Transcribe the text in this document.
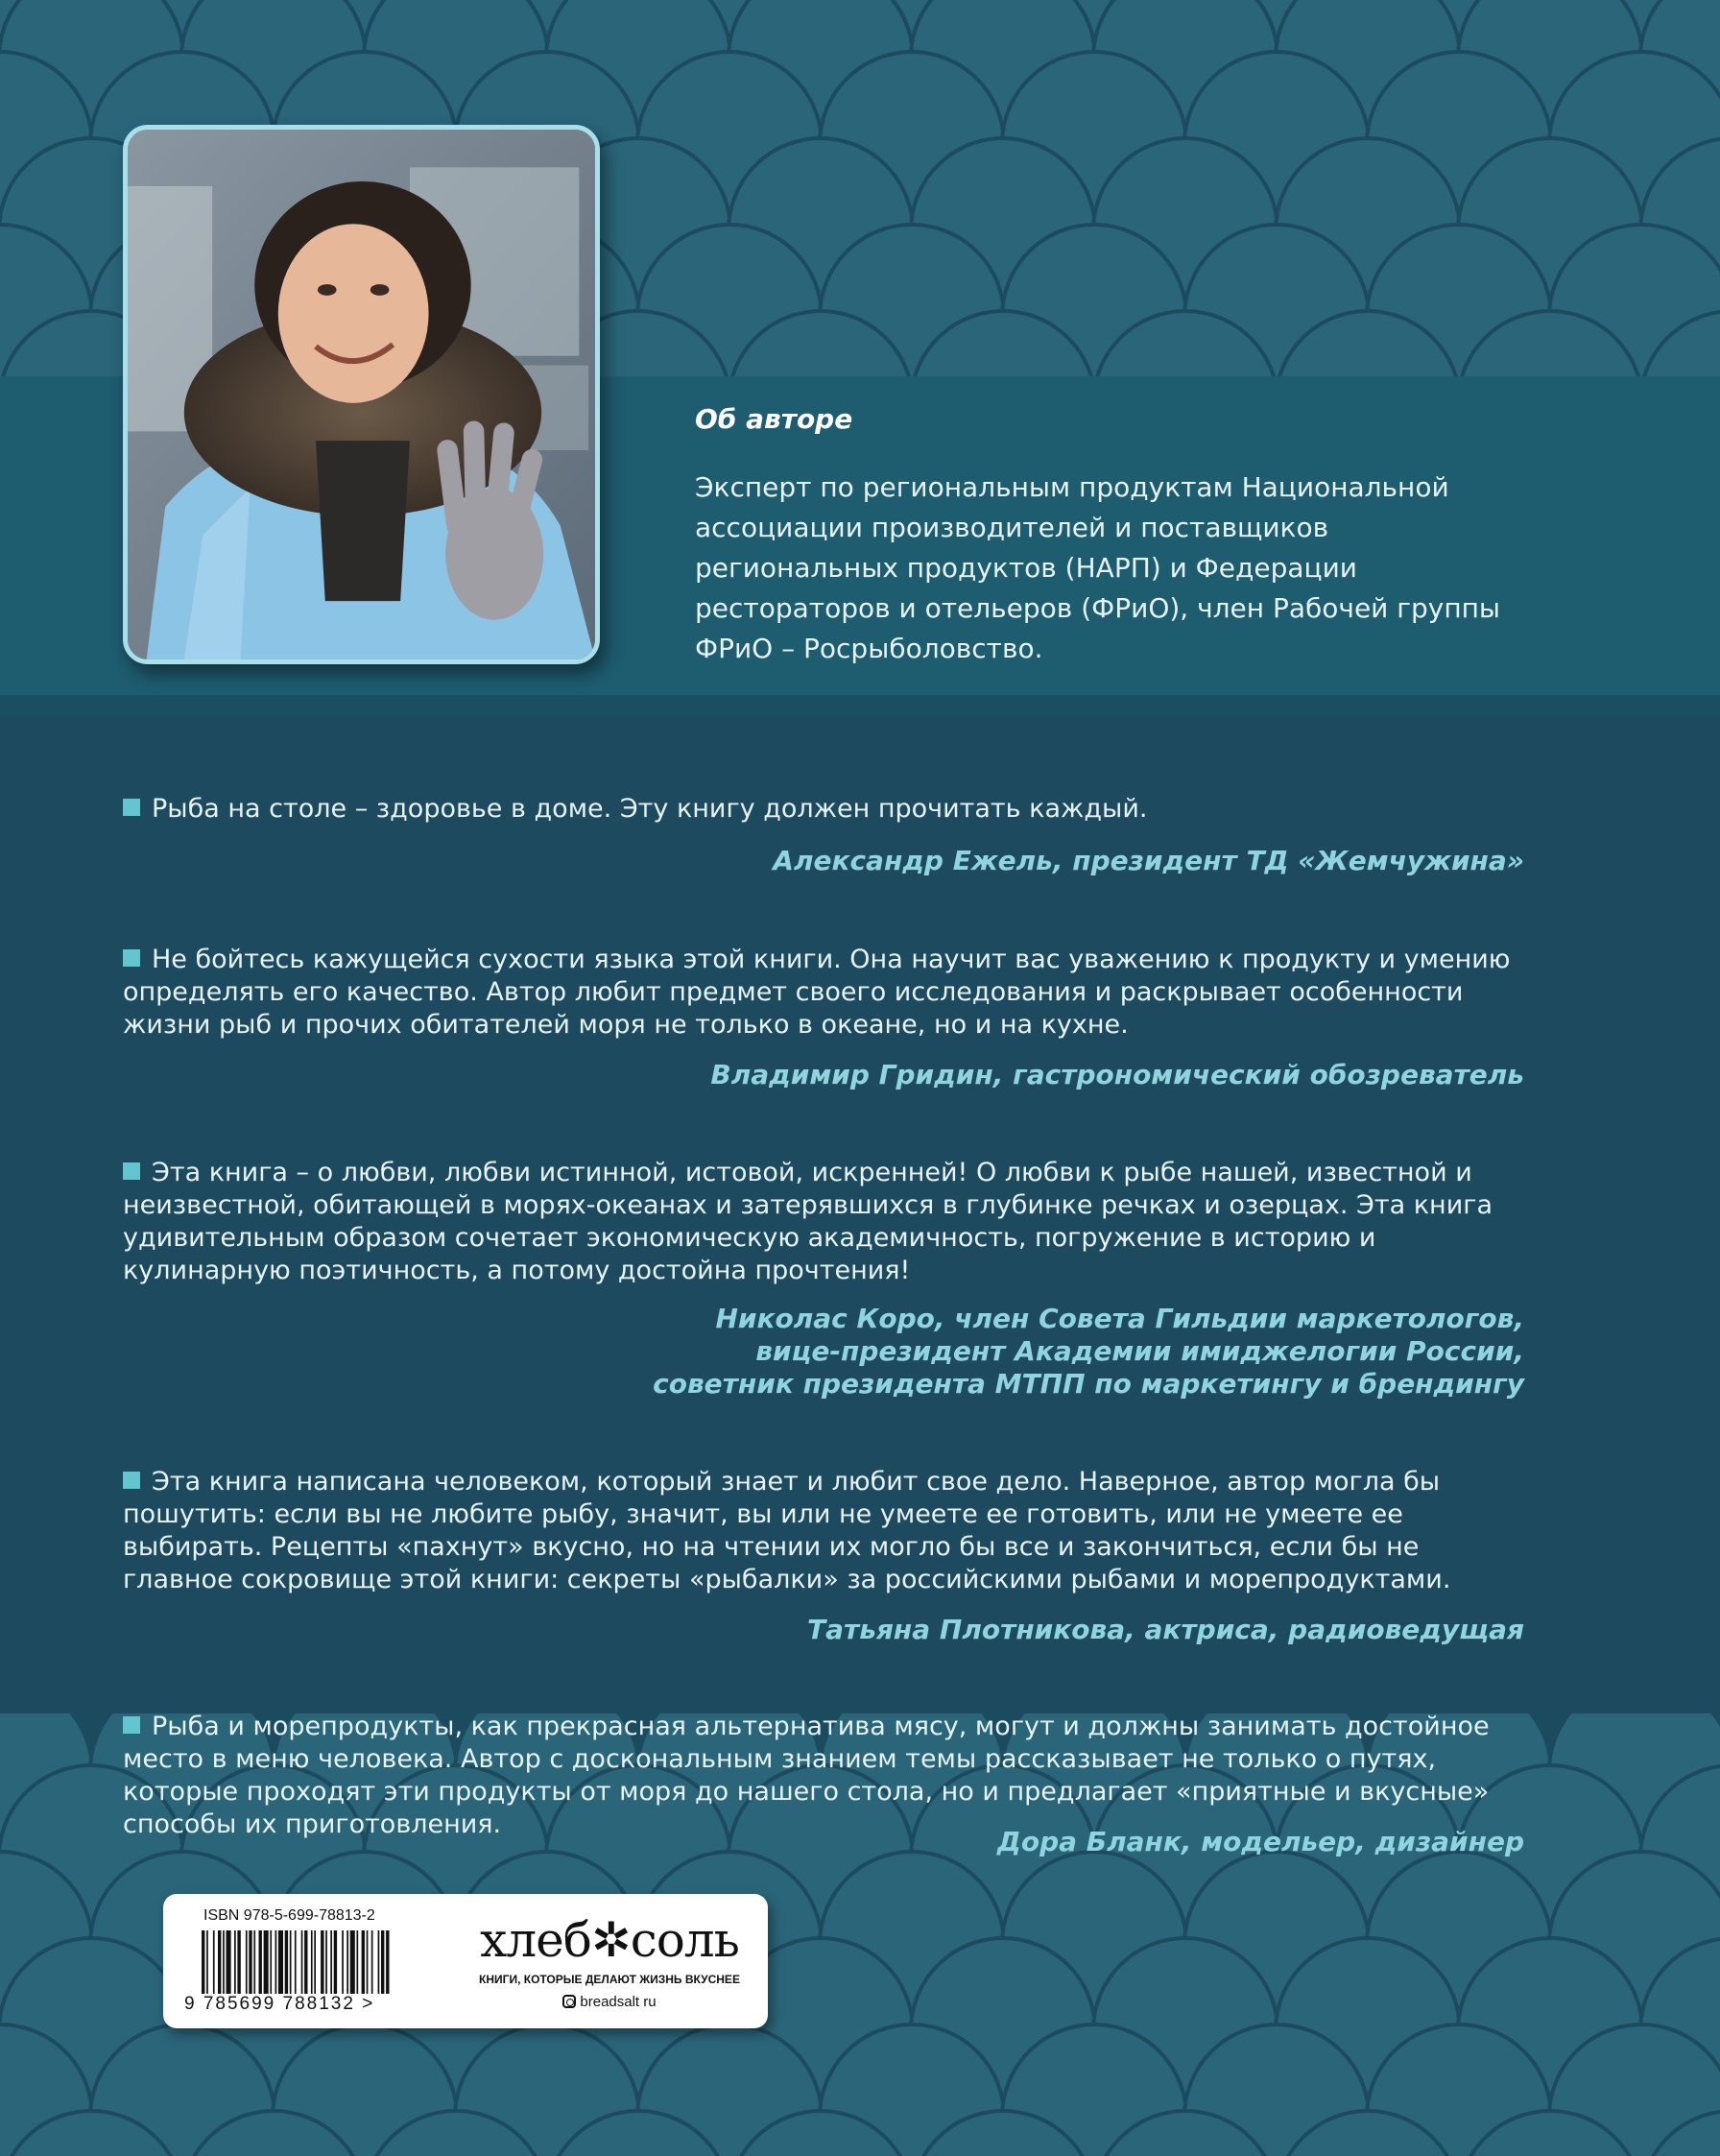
Об авторе
Эксперт по региональным продуктам Национальной ассоциации производителей и поставщиков региональных продуктов (НАРП) и Федерации рестораторов и отельеров (ФРиО), член Рабочей группы ФРиО – Росрыболовство.
Рыба на столе – здоровье в доме. Эту книгу должен прочитать каждый.
Александр Ежель, президент ТД «Жемчужина»
Не бойтесь кажущейся сухости языка этой книги. Она научит вас уважению к продукту и умению определять его качество. Автор любит предмет своего исследования и раскрывает особенности жизни рыб и прочих обитателей моря не только в океане, но и на кухне.
Владимир Гридин, гастрономический обозреватель
Эта книга – о любви, любви истинной, истовой, искренней! О любви к рыбе нашей, известной и неизвестной, обитающей в морях-океанах и затерявшихся в глубинке речках и озерцах. Эта книга удивительным образом сочетает экономическую академичность, погружение в историю и кулинарную поэтичность, а потому достойна прочтения!
Николас Коро, член Совета Гильдии маркетологов,
вице-президент Академии имиджелогии России,
советник президента МТПП по маркетингу и брендингу
Эта книга написана человеком, который знает и любит свое дело. Наверное, автор могла бы пошутить: если вы не любите рыбу, значит, вы или не умеете ее готовить, или не умеете ее выбирать. Рецепты «пахнут» вкусно, но на чтении их могло бы все и закончиться, если бы не главное сокровище этой книги: секреты «рыбалки» за российскими рыбами и морепродуктами.
Татьяна Плотникова, актриса, радиоведущая
Рыба и морепродукты, как прекрасная альтернатива мясу, могут и должны занимать достойное место в меню человека. Автор с доскональным знанием темы рассказывает не только о путях, которые проходят эти продукты от моря до нашего стола, но и предлагает «приятные и вкусные» способы их приготовления.
Дора Бланк, модельер, дизайнер
ISBN 978-5-699-78813-2
9 785699 788132 >
хлеб✲соль
КНИГИ, КОТОРЫЕ ДЕЛАЮТ ЖИЗНЬ ВКУСНЕЕ
breadsalt ru
